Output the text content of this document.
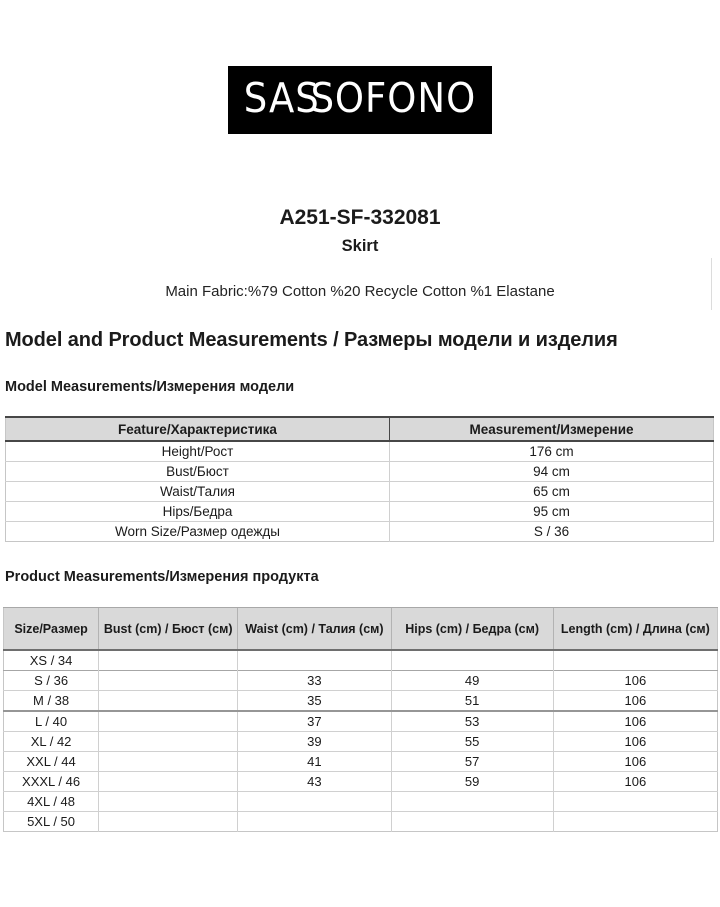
SASS OFONO
A251-SF-332081
Skirt
Main Fabric:%79 Cotton %20 Recycle Cotton %1 Elastane
Model and Product Measurements / Размеры модели и изделия
Model Measurements/Измерения модели
Feature/Характеристика	Measurement/Измерение
Height/Рост	176 cm
Bust/Бюст	94 cm
Waist/Талия	65 cm
Hips/Бедра	95 cm
Worn Size/Размер одежды	S / 36
Product Measurements/Измерения продукта
Size/Размер	Bust (cm) / Бюст (см)	Waist (cm) / Талия (см)	Hips (cm) / Бедра (см)	Length (cm) / Длина (см)
XS / 34				
S / 36		33	49	106
M / 38		35	51	106
L / 40		37	53	106
XL / 42		39	55	106
XXL / 44		41	57	106
XXXL / 46		43	59	106
4XL / 48				
5XL / 50				
